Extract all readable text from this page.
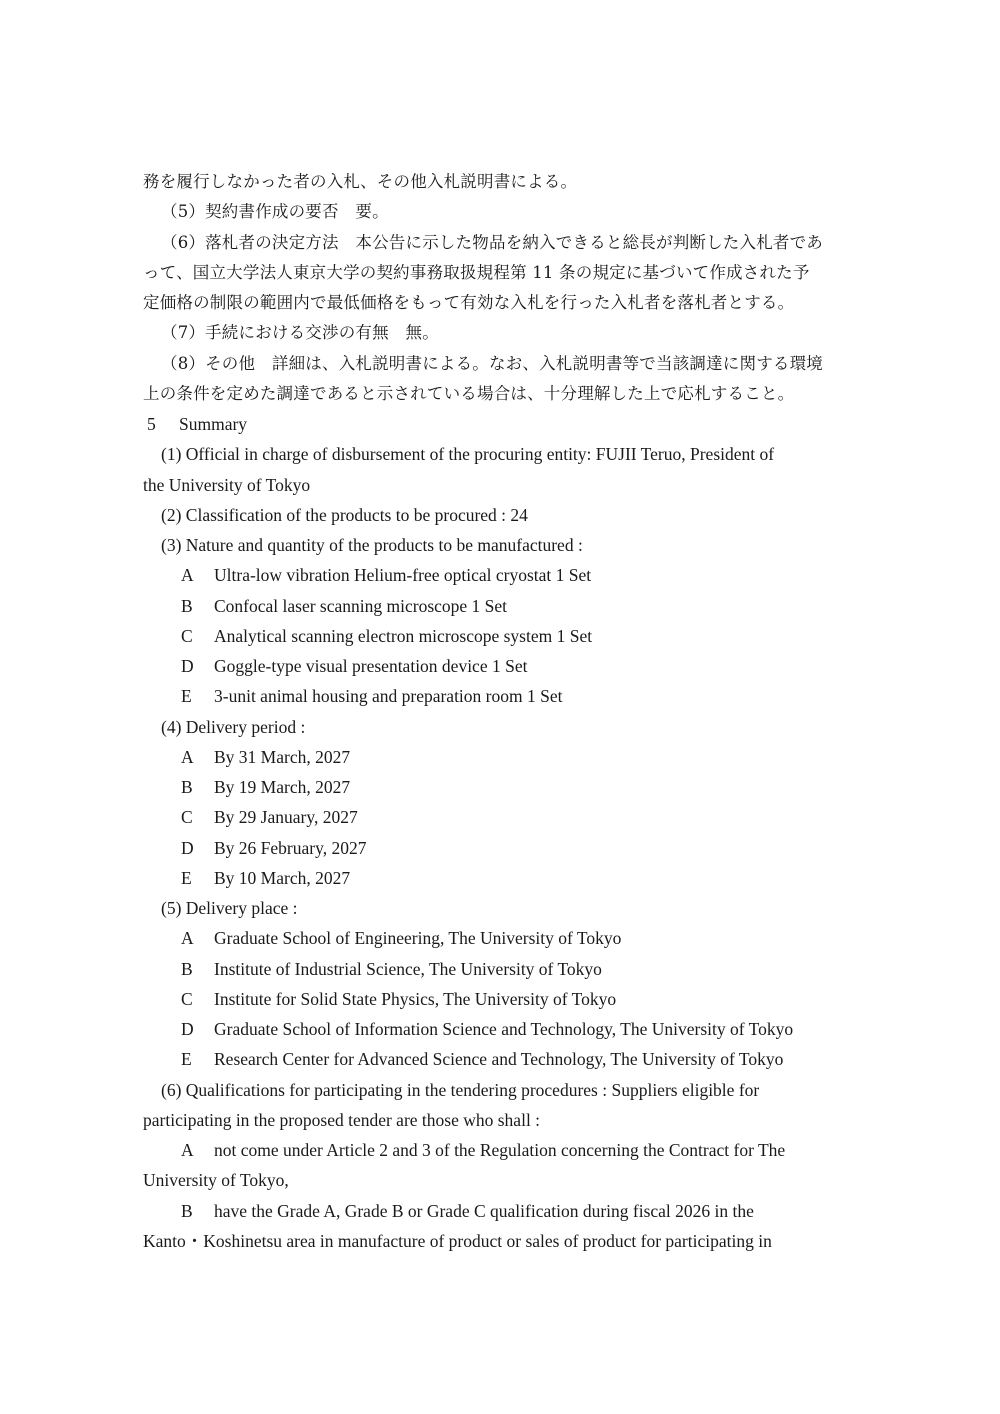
務を履行しなかった者の入札、その他入札説明書による。
（5）契約書作成の要否　要。
（6）落札者の決定方法　本公告に示した物品を納入できると総長が判断した入札者であ
って、国立大学法人東京大学の契約事務取扱規程第 11 条の規定に基づいて作成された予
定価格の制限の範囲内で最低価格をもって有効な入札を行った入札者を落札者とする。
（7）手続における交渉の有無　無。
（8）その他　詳細は、入札説明書による。なお、入札説明書等で当該調達に関する環境
上の条件を定めた調達であると示されている場合は、十分理解した上で応札すること。
5 Summary
(1) Official in charge of disbursement of the procuring entity: FUJII Teruo, President of
the University of Tokyo
(2) Classification of the products to be procured : 24
(3) Nature and quantity of the products to be manufactured :
A Ultra-low vibration Helium-free optical cryostat 1 Set
B Confocal laser scanning microscope 1 Set
C Analytical scanning electron microscope system 1 Set
D Goggle-type visual presentation device 1 Set
E 3-unit animal housing and preparation room 1 Set
(4) Delivery period :
A By 31 March, 2027
B By 19 March, 2027
C By 29 January, 2027
D By 26 February, 2027
E By 10 March, 2027
(5) Delivery place :
A Graduate School of Engineering, The University of Tokyo
B Institute of Industrial Science, The University of Tokyo
C Institute for Solid State Physics, The University of Tokyo
D Graduate School of Information Science and Technology, The University of Tokyo
E Research Center for Advanced Science and Technology, The University of Tokyo
(6) Qualifications for participating in the tendering procedures : Suppliers eligible for
participating in the proposed tender are those who shall :
A not come under Article 2 and 3 of the Regulation concerning the Contract for The
University of Tokyo,
B have the Grade A, Grade B or Grade C qualification during fiscal 2026 in the
Kanto・Koshinetsu area in manufacture of product or sales of product for participating in
